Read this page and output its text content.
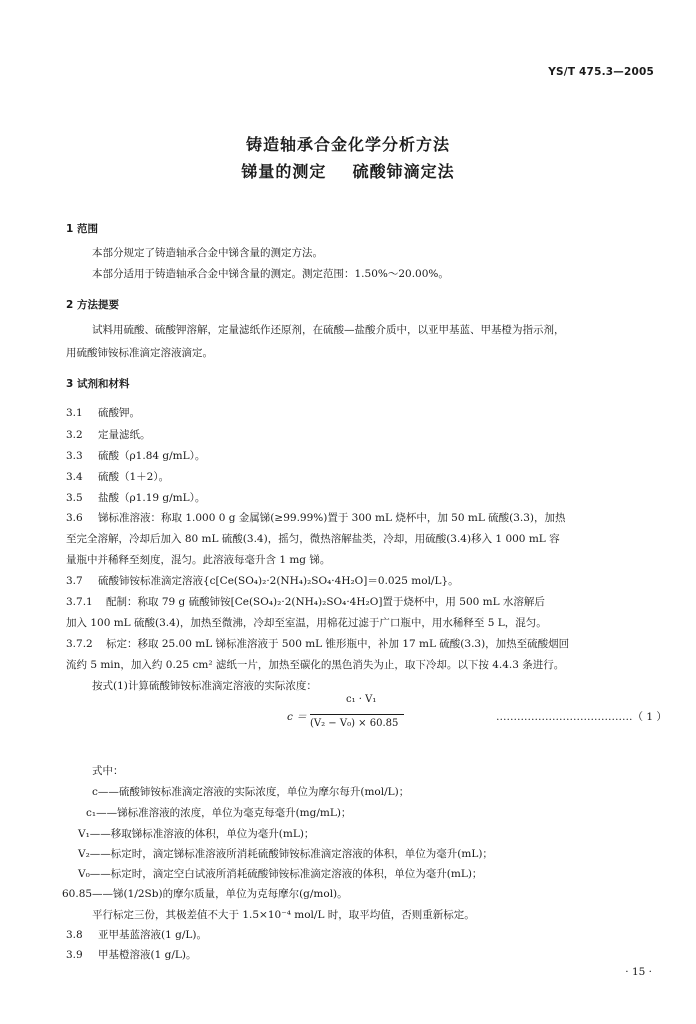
YS/T 475.3—2005
铸造轴承合金化学分析方法
锑量的测定    硫酸铈滴定法
1 范围
本部分规定了铸造轴承合金中锑含量的测定方法。
本部分适用于铸造轴承合金中锑含量的测定。测定范围：1.50%～20.00%。
2 方法提要
试料用硫酸、硫酸钾溶解，定量滤纸作还原剂，在硫酸—盐酸介质中，以亚甲基蓝、甲基橙为指示剂，
用硫酸铈铵标准滴定溶液滴定。
3 试剂和材料
3.1 硫酸钾。
3.2 定量滤纸。
3.3 硫酸（ρ1.84 g/mL）。
3.4 硫酸（1＋2）。
3.5 盐酸（ρ1.19 g/mL）。
3.6 锑标准溶液：称取 1.000 0 g 金属锑(≥99.99%)置于 300 mL 烧杯中，加 50 mL 硫酸(3.3)，加热
至完全溶解，冷却后加入 80 mL 硫酸(3.4)，摇匀，微热溶解盐类，冷却，用硫酸(3.4)移入 1 000 mL 容
量瓶中并稀释至刻度，混匀。此溶液每毫升含 1 mg 锑。
3.7 硫酸铈铵标准滴定溶液{c[Ce(SO₄)₂·2(NH₄)₂SO₄·4H₂O]＝0.025 mol/L}。
3.7.1 配制：称取 79 g 硫酸铈铵[Ce(SO₄)₂·2(NH₄)₂SO₄·4H₂O]置于烧杯中，用 500 mL 水溶解后
加入 100 mL 硫酸(3.4)，加热至微沸，冷却至室温，用棉花过滤于广口瓶中，用水稀释至 5 L，混匀。
3.7.2 标定：移取 25.00 mL 锑标准溶液于 500 mL 锥形瓶中，补加 17 mL 硫酸(3.3)，加热至硫酸烟回
流约 5 min，加入约 0.25 cm² 滤纸一片，加热至碳化的黑色消失为止，取下冷却。以下按 4.4.3 条进行。
按式(1)计算硫酸铈铵标准滴定溶液的实际浓度：
c ＝
c₁ · V₁
(V₂ − V₀) × 60.85
…………………………………（ 1 ）
式中：
c——硫酸铈铵标准滴定溶液的实际浓度，单位为摩尔每升(mol/L)；
c₁——锑标准溶液的浓度，单位为毫克每毫升(mg/mL)；
V₁——移取锑标准溶液的体积，单位为毫升(mL)；
V₂——标定时，滴定锑标准溶液所消耗硫酸铈铵标准滴定溶液的体积，单位为毫升(mL)；
V₀——标定时，滴定空白试液所消耗硫酸铈铵标准滴定溶液的体积，单位为毫升(mL)；
60.85——锑(1/2Sb)的摩尔质量，单位为克每摩尔(g/mol)。
平行标定三份，其极差值不大于 1.5×10⁻⁴ mol/L 时，取平均值，否则重新标定。
3.8 亚甲基蓝溶液(1 g/L)。
3.9 甲基橙溶液(1 g/L)。
· 15 ·
